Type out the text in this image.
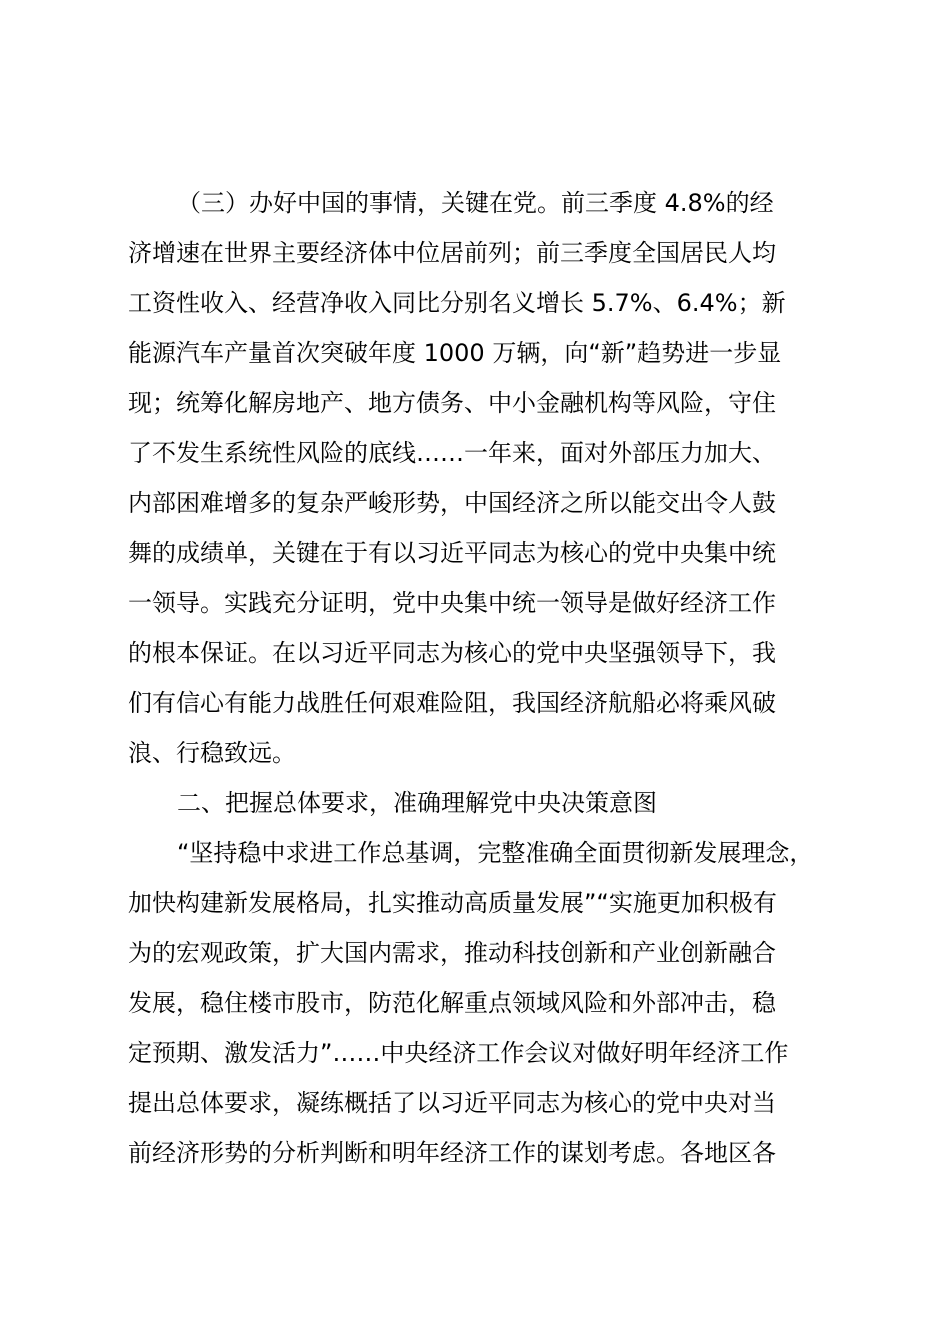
（三）办好中国的事情，关键在党。前三季度 4.8%的经
济增速在世界主要经济体中位居前列；前三季度全国居民人均
工资性收入、经营净收入同比分别名义增长 5.7%、6.4%；新
能源汽车产量首次突破年度 1000 万辆，向“新”趋势进一步显
现；统筹化解房地产、地方债务、中小金融机构等风险，守住
了不发生系统性风险的底线……一年来，面对外部压力加大、
内部困难增多的复杂严峻形势，中国经济之所以能交出令人鼓
舞的成绩单，关键在于有以习近平同志为核心的党中央集中统
一领导。实践充分证明，党中央集中统一领导是做好经济工作
的根本保证。在以习近平同志为核心的党中央坚强领导下，我
们有信心有能力战胜任何艰难险阻，我国经济航船必将乘风破
浪、行稳致远。
二、把握总体要求，准确理解党中央决策意图
“坚持稳中求进工作总基调，完整准确全面贯彻新发展理念，
加快构建新发展格局，扎实推动高质量发展”“实施更加积极有
为的宏观政策，扩大国内需求，推动科技创新和产业创新融合
发展，稳住楼市股市，防范化解重点领域风险和外部冲击，稳
定预期、激发活力”……中央经济工作会议对做好明年经济工作
提出总体要求，凝练概括了以习近平同志为核心的党中央对当
前经济形势的分析判断和明年经济工作的谋划考虑。各地区各
